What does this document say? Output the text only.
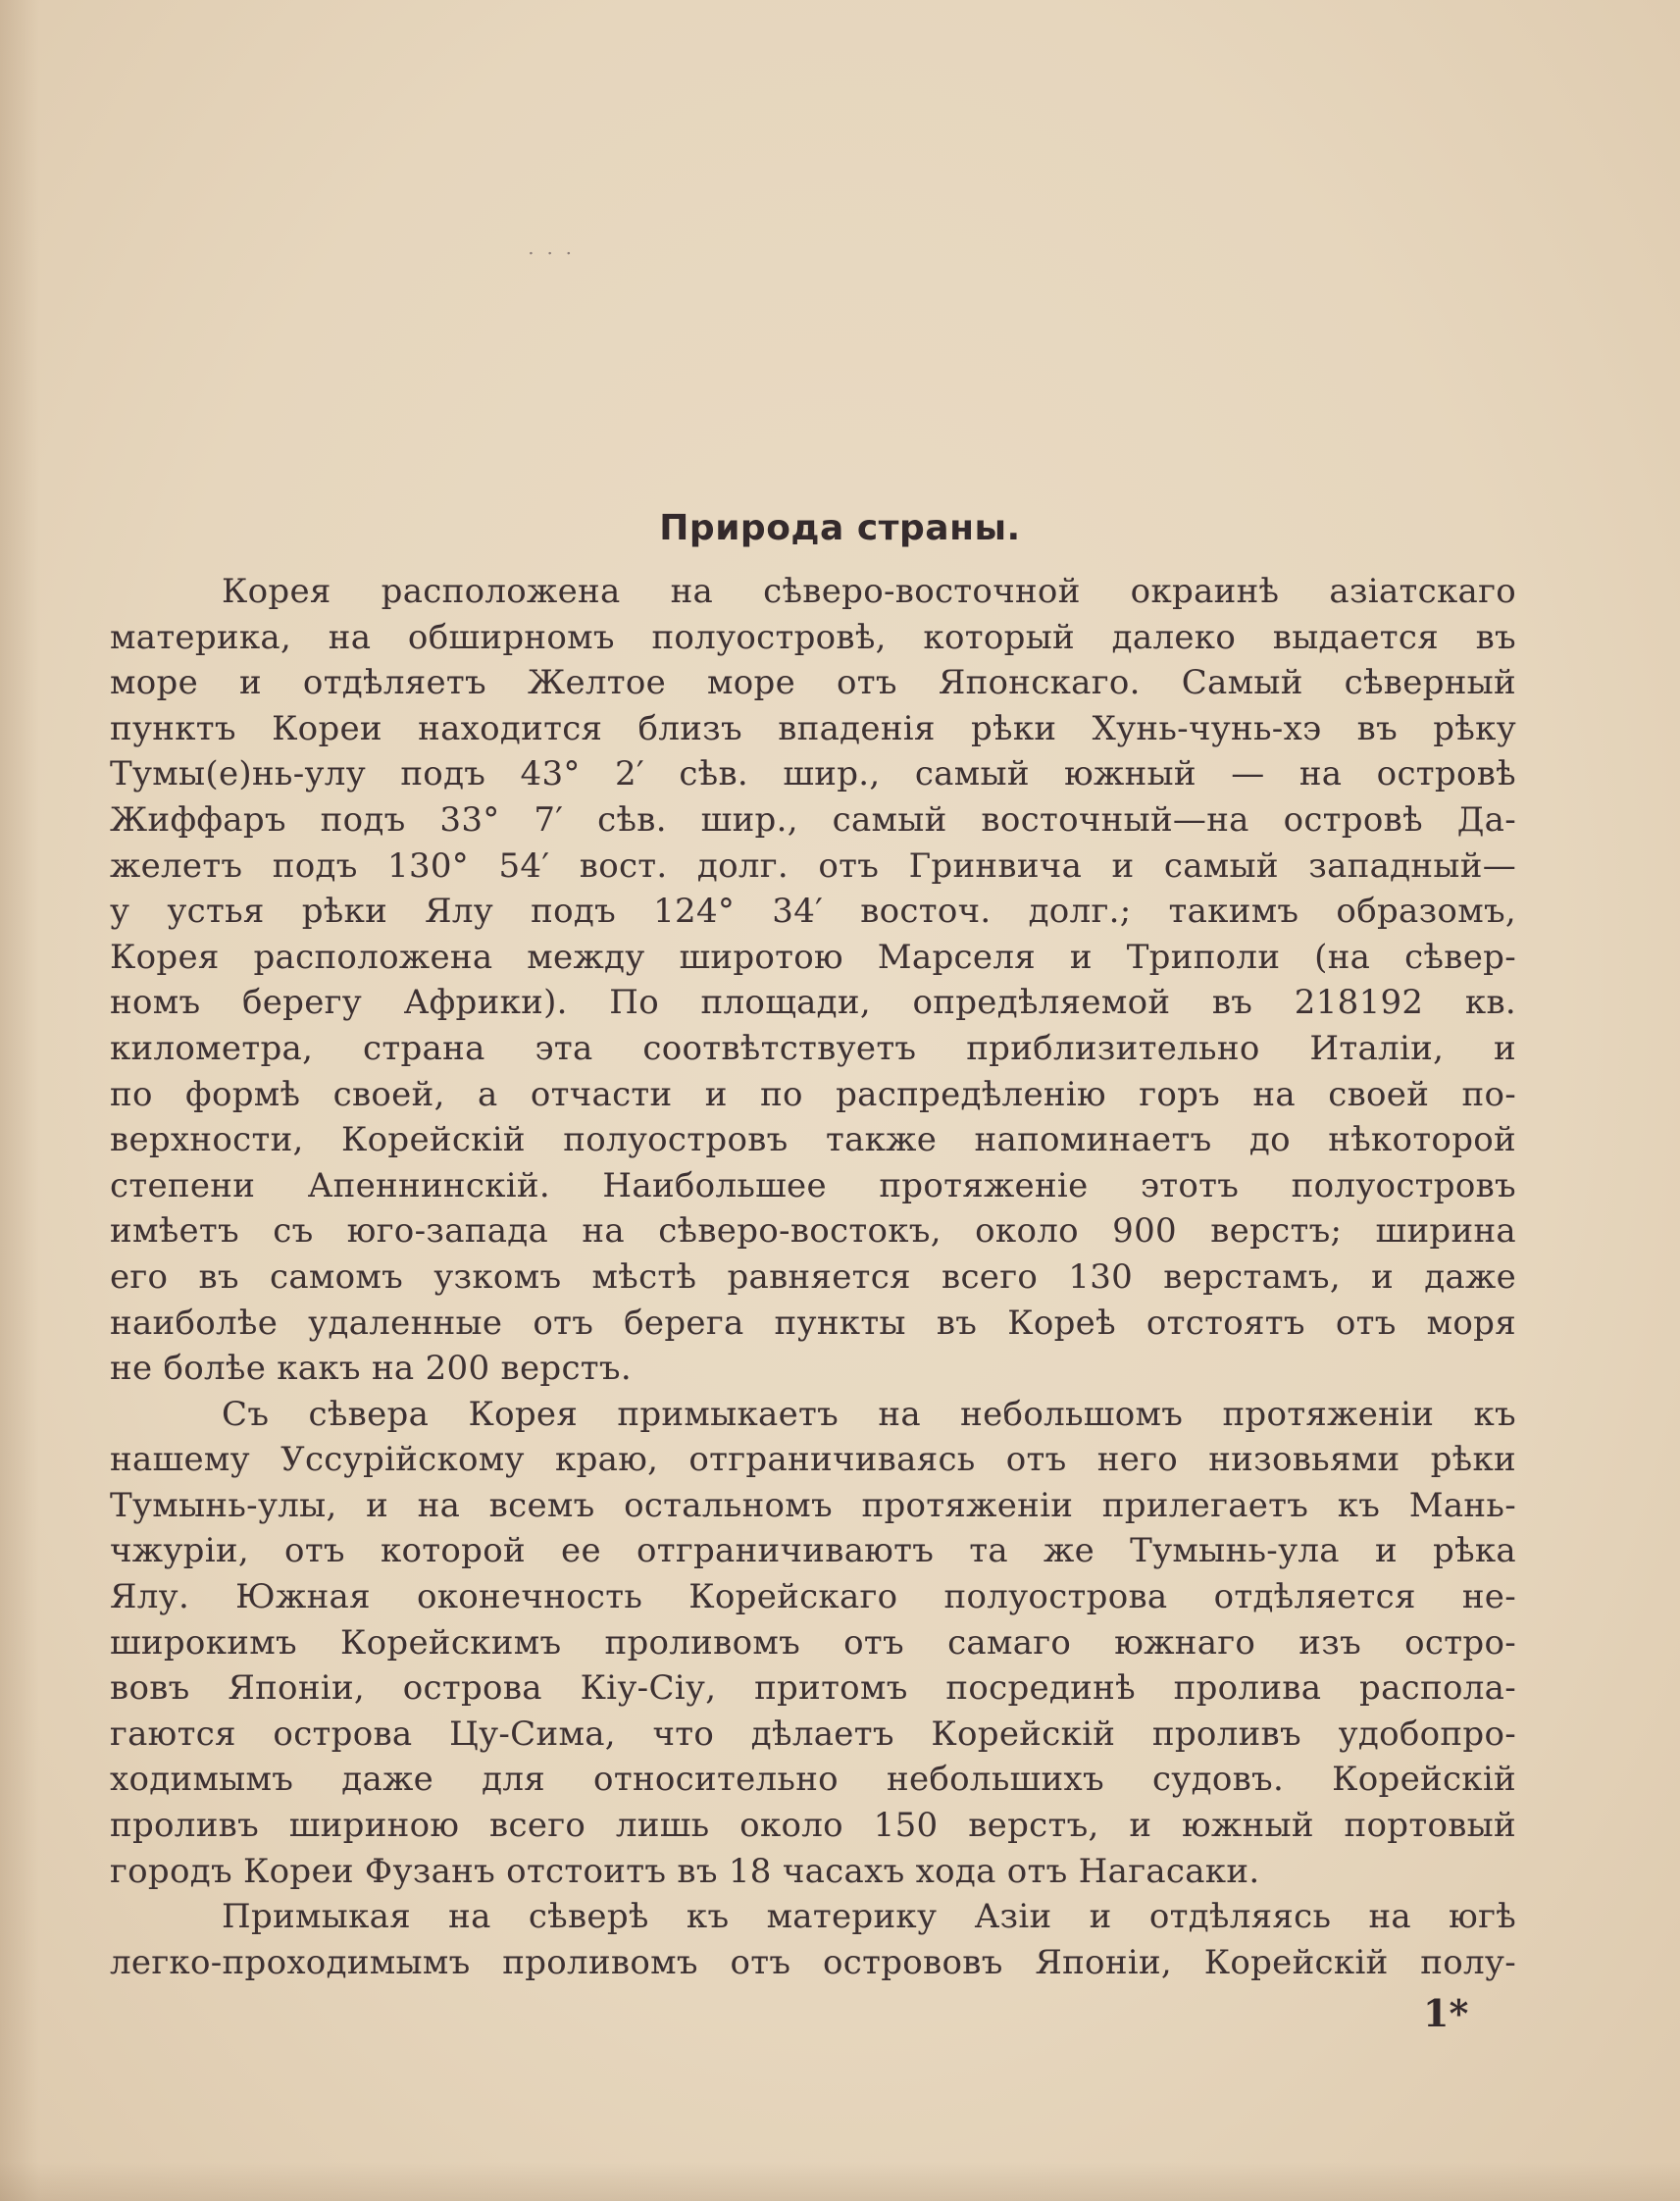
⋅ ⋅ ⋅
Природа страны.
Корея расположена на сѣверо-восточной окраинѣ азіатскаго
материка, на обширномъ полуостровѣ, который далеко выдается въ
море и отдѣляетъ Желтое море отъ Японскаго. Самый сѣверный
пунктъ Кореи находится близъ впаденія рѣки Хунь-чунь-хэ въ рѣку
Тумы(е)нь-улу подъ 43° 2′ сѣв. шир., самый южный — на островѣ
Жиффаръ подъ 33° 7′ сѣв. шир., самый восточный—на островѣ Да-
желетъ подъ 130° 54′ вост. долг. отъ Гринвича и самый западный—
у устья рѣки Ялу подъ 124° 34′ восточ. долг.; такимъ образомъ,
Корея расположена между широтою Марселя и Триполи (на сѣвер-
номъ берегу Африки). По площади, опредѣляемой въ 218192 кв.
километра, страна эта соотвѣтствуетъ приблизительно Италіи, и
по формѣ своей, а отчасти и по распредѣленію горъ на своей по-
верхности, Корейскій полуостровъ также напоминаетъ до нѣкоторой
степени Апеннинскій. Наибольшее протяженіе этотъ полуостровъ
имѣетъ съ юго-запада на сѣверо-востокъ, около 900 верстъ; ширина
его въ самомъ узкомъ мѣстѣ равняется всего 130 верстамъ, и даже
наиболѣе удаленные отъ берега пункты въ Кореѣ отстоятъ отъ моря
не болѣе какъ на 200 верстъ.
Съ сѣвера Корея примыкаетъ на небольшомъ протяженіи къ
нашему Уссурійскому краю, отграничиваясь отъ него низовьями рѣки
Тумынь-улы, и на всемъ остальномъ протяженіи прилегаетъ къ Мань-
чжуріи, отъ которой ее отграничиваютъ та же Тумынь-ула и рѣка
Ялу. Южная оконечность Корейскаго полуострова отдѣляется не-
широкимъ Корейскимъ проливомъ отъ самаго южнаго изъ остро-
вовъ Японіи, острова Кіу-Сіу, притомъ посрединѣ пролива распола-
гаются острова Цу-Сима, что дѣлаетъ Корейскій проливъ удобопро-
ходимымъ даже для относительно небольшихъ судовъ. Корейскій
проливъ шириною всего лишь около 150 верстъ, и южный портовый
городъ Кореи Фузанъ отстоитъ въ 18 часахъ хода отъ Нагасаки.
Примыкая на сѣверѣ къ материку Азіи и отдѣляясь на югѣ
легко-проходимымъ проливомъ отъ острововъ Японіи, Корейскій полу-
1*
